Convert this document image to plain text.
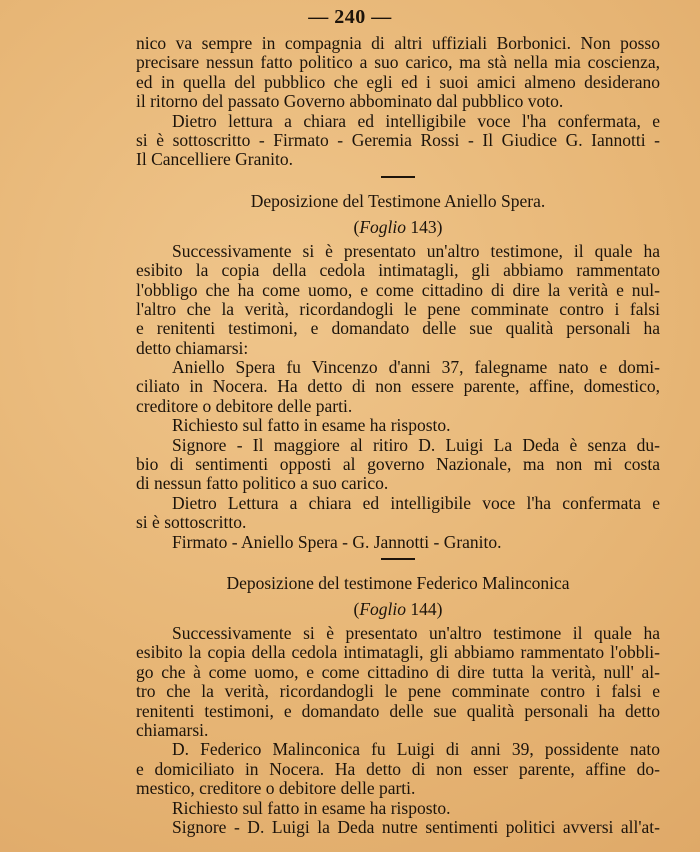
— 240 —
nico va sempre in compagnia di altri uffiziali Borbonici. Non posso
precisare nessun fatto politico a suo carico, ma stà nella mia coscienza,
ed in quella del pubblico che egli ed i suoi amici almeno desiderano
il ritorno del passato Governo abbominato dal pubblico voto.
Dietro lettura a chiara ed intelligibile voce l'ha confermata, e
si è sottoscritto - Firmato - Geremia Rossi - Il Giudice G. Iannotti -
Il Cancelliere Granito.
Deposizione del Testimone Aniello Spera.
(Foglio 143)
Successivamente si è presentato un'altro testimone, il quale ha
esibito la copia della cedola intimatagli, gli abbiamo rammentato
l'obbligo che ha come uomo, e come cittadino di dire la verità e nul-
l'altro che la verità, ricordandogli le pene comminate contro i falsi
e renitenti testimoni, e domandato delle sue qualità personali ha
detto chiamarsi:
Aniello Spera fu Vincenzo d'anni 37, falegname nato e domi-
ciliato in Nocera. Ha detto di non essere parente, affine, domestico,
creditore o debitore delle parti.
Richiesto sul fatto in esame ha risposto.
Signore - Il maggiore al ritiro D. Luigi La Deda è senza du-
bio di sentimenti opposti al governo Nazionale, ma non mi costa
di nessun fatto politico a suo carico.
Dietro Lettura a chiara ed intelligibile voce l'ha confermata e
si è sottoscritto.
Firmato - Aniello Spera - G. Jannotti - Granito.
Deposizione del testimone Federico Malinconica
(Foglio 144)
Successivamente si è presentato un'altro testimone il quale ha
esibito la copia della cedola intimatagli, gli abbiamo rammentato l'obbli-
go che à come uomo, e come cittadino di dire tutta la verità, null' al-
tro che la verità, ricordandogli le pene comminate contro i falsi e
renitenti testimoni, e domandato delle sue qualità personali ha detto
chiamarsi.
D. Federico Malinconica fu Luigi di anni 39, possidente nato
e domiciliato in Nocera. Ha detto di non esser parente, affine do-
mestico, creditore o debitore delle parti.
Richiesto sul fatto in esame ha risposto.
Signore - D. Luigi la Deda nutre sentimenti politici avversi all'at-
